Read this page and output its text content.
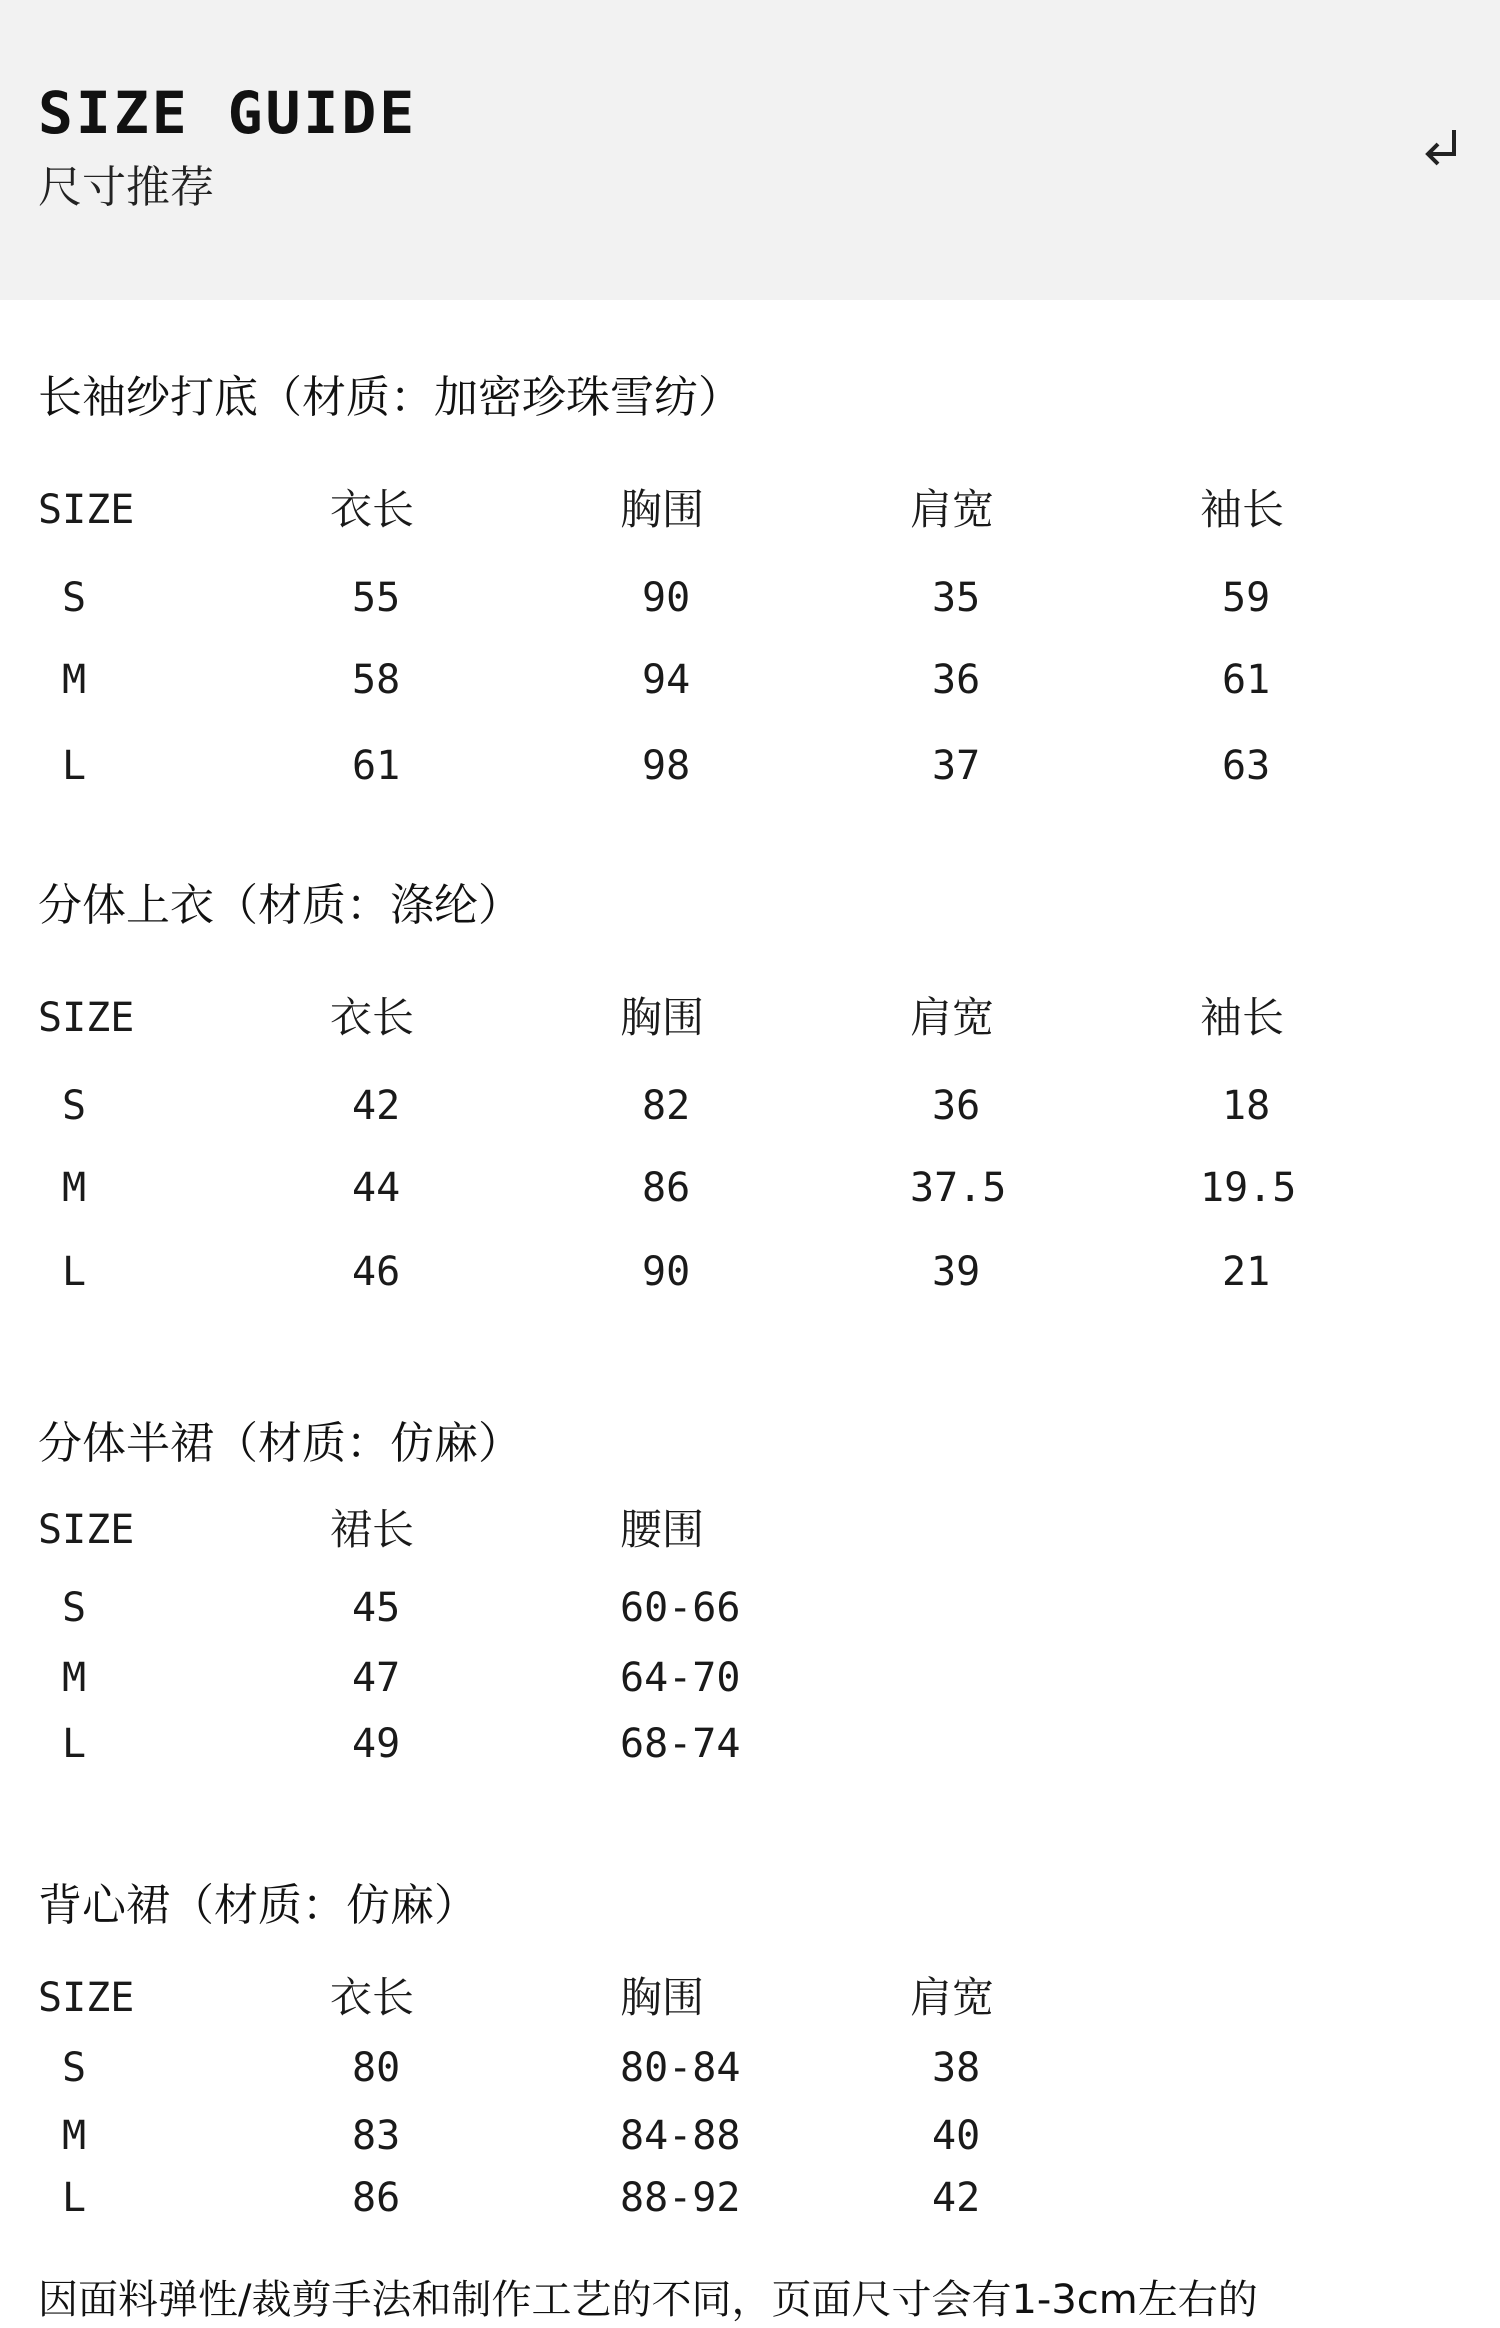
SIZE GUIDE
尺寸推荐
长袖纱打底（材质：加密珍珠雪纺）
SIZE	衣长	胸围	肩宽	袖长
S	55	90	35	59
M	58	94	36	61
L	61	98	37	63
分体上衣（材质：涤纶）
SIZE	衣长	胸围	肩宽	袖长
S	42	82	36	18
M	44	86	37.5	19.5
L	46	90	39	21
分体半裙（材质：仿麻）
SIZE	裙长	腰围
S	45	60-66
M	47	64-70
L	49	68-74
背心裙（材质：仿麻）
SIZE	衣长	胸围	肩宽
S	80	80-84	38
M	83	84-88	40
L	86	88-92	42
因面料弹性/裁剪手法和制作工艺的不同，页面尺寸会有1-3cm左右的
